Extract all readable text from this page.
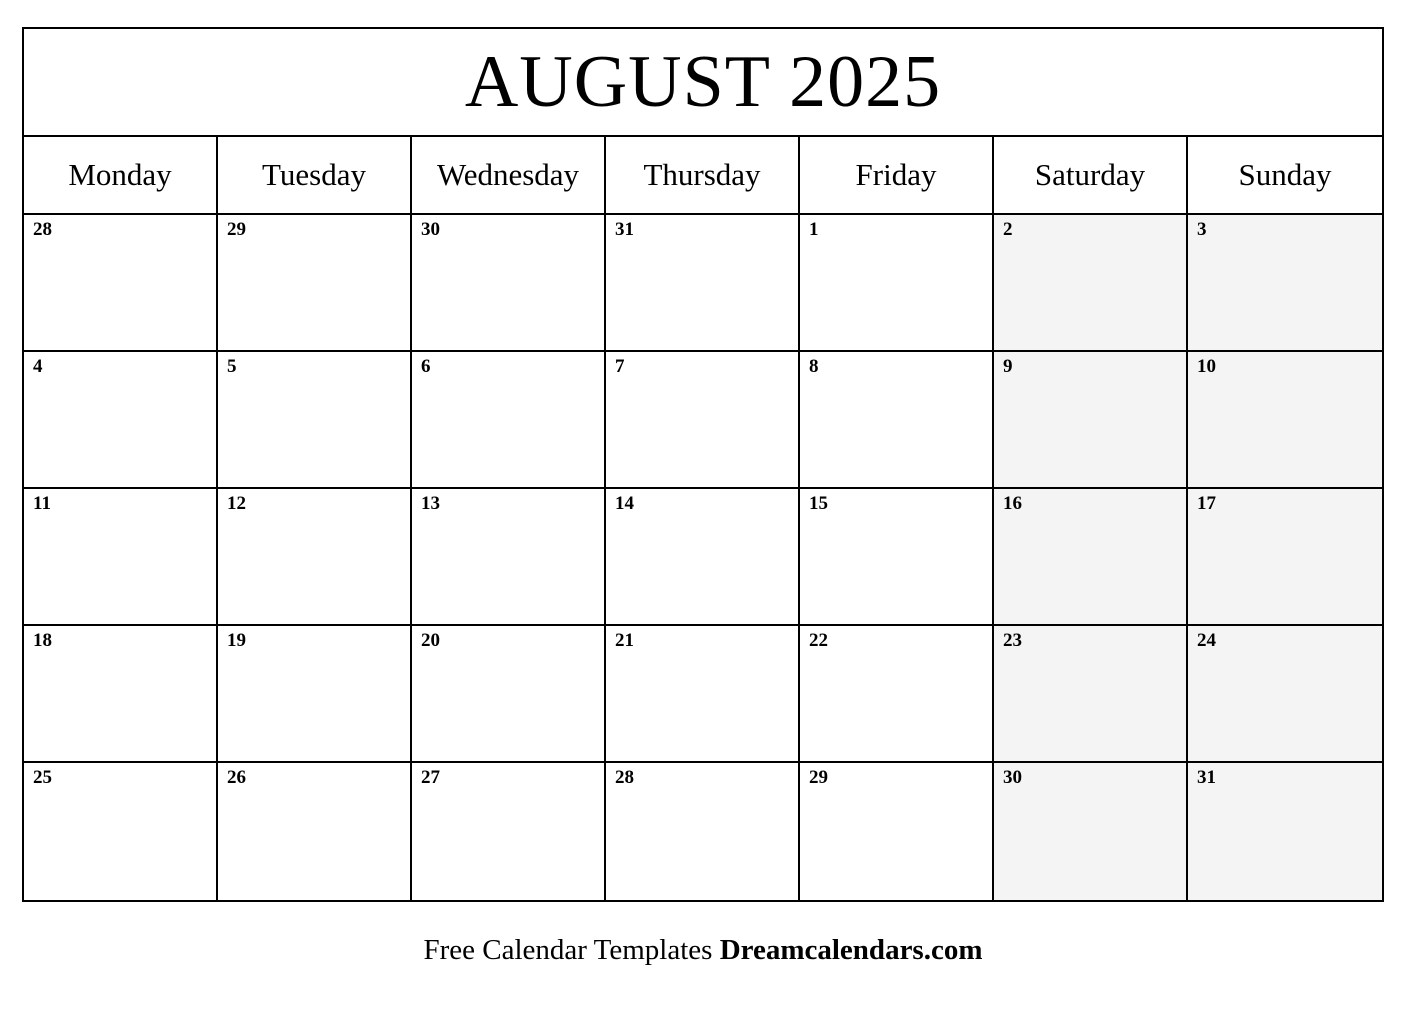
AUGUST 2025
Monday	Tuesday	Wednesday	Thursday	Friday	Saturday	Sunday
28	29	30	31	1	2	3
4	5	6	7	8	9	10
11	12	13	14	15	16	17
18	19	20	21	22	23	24
25	26	27	28	29	30	31
Free Calendar Templates Dreamcalendars.com
